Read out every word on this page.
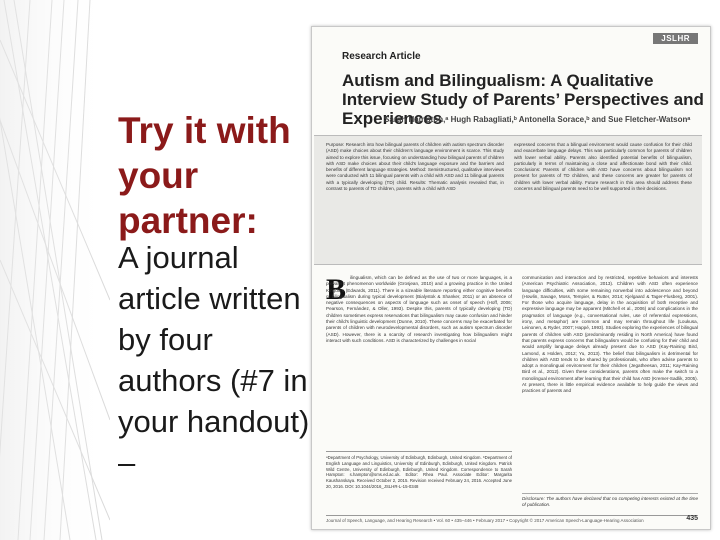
Try it with your partner:
A journal article written by four authors (#7 in your handout) –
JSLHR
Research Article
Autism and Bilingualism: A Qualitative Interview Study of Parents’ Perspectives and Experiences
Sarah Hampton,ᵃ Hugh Rabagliati,ᵇ Antonella Sorace,ᵇ and Sue Fletcher-Watsonᵃ

Purpose: Research into how bilingual parents of children with autism spectrum disorder (ASD) make choices about their children's language environment is scarce. This study aimed to explore this issue, focusing on understanding how bilingual parents of children with ASD make choices about their child's language exposure and the barriers and benefits of different language strategies. Method: Semistructured, qualitative interviews were conducted with 11 bilingual parents with a child with ASD and 11 bilingual parents with a typically developing (TD) child. Results: Thematic analysis revealed that, in contrast to parents of TD children, parents with a child with ASD

expressed concerns that a bilingual environment would cause confusion for their child and exacerbate language delays. This was particularly common for parents of children with lower verbal ability. Parents also identified potential benefits of bilingualism, particularly in terms of maintaining a close and affectionate bond with their child. Conclusions: Parents of children with ASD have concerns about bilingualism not present for parents of TD children, and these concerns are greater for parents of children with lower verbal ability. Future research in this area should address these concerns and bilingual parents need to be well supported in their decisions.

B ilingualism, which can be defined as the use of two or more languages, is a prevalent phenomenon worldwide (Grosjean, 2010) and a growing practice in the United Kingdom (Edwards, 2011). There is a sizeable literature reporting either cognitive benefits of bilingualism during typical development (Bialystok & Shanker, 2011) or an absence of negative consequences on aspects of language such as onset of speech (Hoff, 2006; Pearson, Fernández, & Oller, 1993). Despite this, parents of typically developing (TD) children sometimes express reservations that bilingualism may cause confusion and hinder their child's linguistic development (Dunne, 2010). These concerns may be exacerbated for parents of children with neurodevelopmental disorders, such as autism spectrum disorder (ASD). However, there is a scarcity of research investigating how bilingualism might interact with such conditions. ASD is characterized by challenges in social

ᵃDepartment of Psychology, University of Edinburgh, Edinburgh, United Kingdom. ᵇDepartment of English Language and Linguistics, University of Edinburgh, Edinburgh, United Kingdom. Patrick Wild Centre, University of Edinburgh, Edinburgh, United Kingdom. Correspondence to Sarah Hampton: s.hampton@sms.ed.ac.uk. Editor: Rhea Paul. Associate Editor: Margarita Kaushanskaya. Received October 2, 2015. Revision received February 24, 2016. Accepted June 20, 2016. DOI: 10.1044/2016_JSLHR-L-15-0348

communication and interaction and by restricted, repetitive behaviors and interests (American Psychiatric Association, 2013). Children with ASD often experience language difficulties, with some remaining nonverbal into adolescence and beyond (Howlin, Savage, Moss, Tempier, & Rutter, 2014; Kjelgaard & Tager-Flusberg, 2001). For those who acquire language, delay in the acquisition of both receptive and expressive language may be apparent (Mitchell et al., 2006) and complications in the pragmatics of language (e.g., conversational rules, use of referential expressions, irony, and metaphor) are common and may remain throughout life (Loukusa, Leinonen, & Ryder, 2007; Happé, 1993). Studies exploring the experiences of bilingual parents of children with ASD (predominantly residing in North America) have found that parents express concerns that bilingualism would be confusing for their child and would amplify language delays already present due to ASD (Kay-Raining Bird, Lamond, & Holden, 2012; Yu, 2013). The belief that bilingualism is detrimental for children with ASD tends to be shared by professionals, who often advise parents to adopt a monolingual environment for their children (Jegatheesan, 2011; Kay-Raining Bird et al., 2012). Given these considerations, parents often make the switch to a monolingual environment after learning that their child has ASD (Kremer-Sadlik, 2005). At present, there is little empirical evidence available to help guide the views and practices of parents and

Disclosure: The authors have declared that no competing interests existed at the time of publication.

Journal of Speech, Language, and Hearing Research • Vol. 60 • 435–446 • February 2017 • Copyright © 2017 American Speech-Language-Hearing Association	435
